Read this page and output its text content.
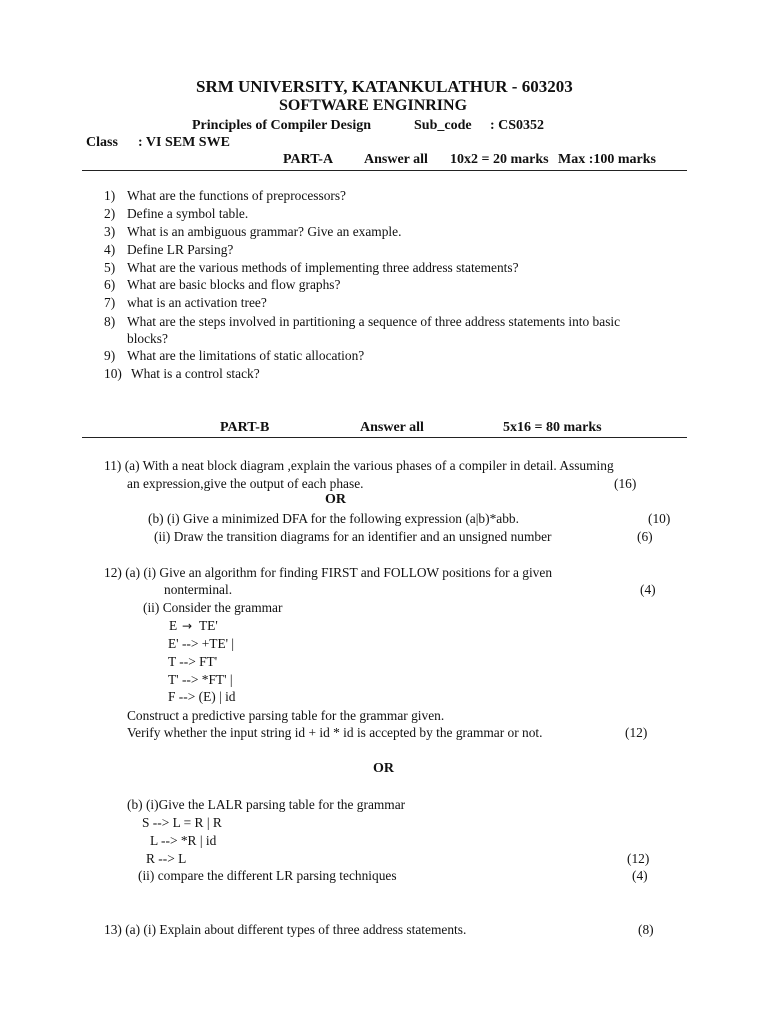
SRM UNIVERSITY, KATANKULATHUR - 603203
SOFTWARE ENGINRING
Principles of Compiler Design	Sub_code : CS0352
Class : VI SEM SWE
PART-A Answer all 10x2 = 20 marks Max :100 marks
1) What are the functions of preprocessors?
2) Define a symbol table.
3) What is an ambiguous grammar? Give an example.
4) Define LR Parsing?
5) What are the various methods of implementing three address statements?
6) What are basic blocks and flow graphs?
7) what is an activation tree?
8) What are the steps involved in partitioning a sequence of three address statements into basic
blocks?
9) What are the limitations of static allocation?
10) What is a control stack?
PART-B	Answer all	5x16 = 80 marks
11) (a) With a neat block diagram ,explain the various phases of a compiler in detail. Assuming
an expression,give the output of each phase.	(16)
OR
(b) (i) Give a minimized DFA for the following expression (a|b)*abb.	(10)
(ii) Draw the transition diagrams for an identifier and an unsigned number	(6)
12) (a) (i) Give an algorithm for finding FIRST and FOLLOW positions for a given
nonterminal.	(4)
(ii) Consider the grammar
E → TE'
E' --> +TE' |
T --> FT'
T' --> *FT' |
F --> (E) | id
Construct a predictive parsing table for the grammar given.
Verify whether the input string id + id * id is accepted by the grammar or not.	(12)
OR
(b) (i)Give the LALR parsing table for the grammar
S --> L = R | R
L --> *R | id
R --> L	(12)
(ii) compare the different LR parsing techniques	(4)
13) (a) (i) Explain about different types of three address statements.	(8)
